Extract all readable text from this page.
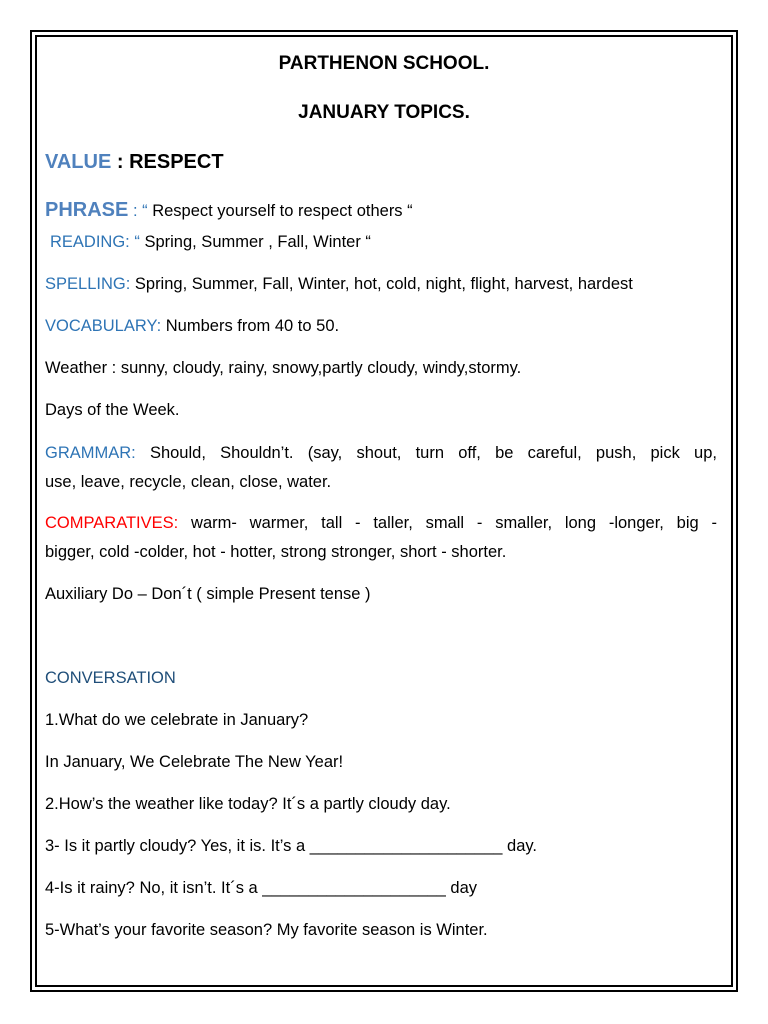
PARTHENON SCHOOL.
JANUARY TOPICS.
VALUE : RESPECT
PHRASE : “ Respect yourself to respect others “
READING: “ Spring, Summer , Fall, Winter “
SPELLING: Spring, Summer, Fall, Winter, hot, cold, night, flight, harvest, hardest
VOCABULARY: Numbers from 40 to 50.
Weather : sunny, cloudy, rainy, snowy,partly cloudy, windy,stormy.
Days of the Week.
GRAMMAR: Should, Shouldn’t. (say, shout, turn off, be careful, push, pick up,
use, leave, recycle, clean, close, water.
COMPARATIVES: warm- warmer, tall - taller, small - smaller, long -longer, big -
bigger, cold -colder, hot - hotter, strong stronger, short - shorter.
Auxiliary Do – Don´t ( simple Present tense )
CONVERSATION
1.What do we celebrate in January?
In January, We Celebrate The New Year!
2.How’s the weather like today? It´s a partly cloudy day.
3- Is it partly cloudy? Yes, it is. It’s a _____________________ day.
4-Is it rainy? No, it isn’t. It´s a ____________________ day
5-What’s your favorite season? My favorite season is Winter.
